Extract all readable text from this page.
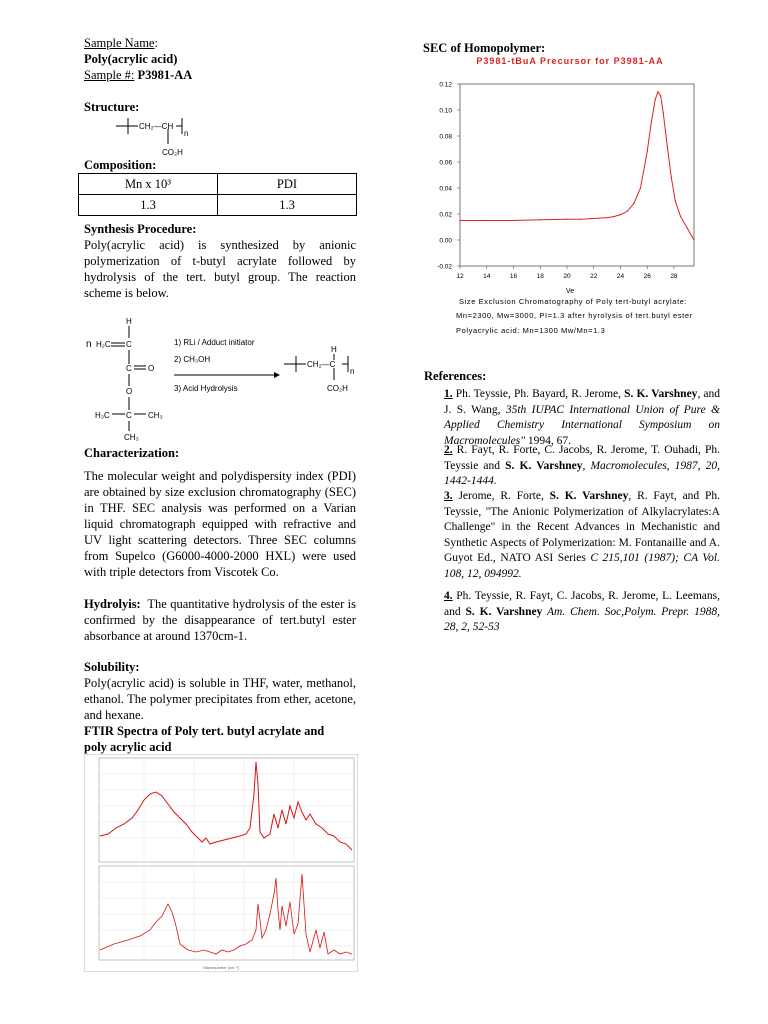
Sample Name:
Poly(acrylic acid)
Sample #: P3981-AA
Structure:
CH₂—CH
n
CO₂H
Composition:
Mn x 10³	PDI
1.3	1.3
Synthesis Procedure:
Poly(acrylic acid) is synthesized by anionic polymerization of t-butyl acrylate followed by hydrolysis of the tert. butyl group. The reaction scheme is below.
n
H
H₂C C
C O
O
H₃C C CH₃
CH₃
1) RLi / Adduct initiator
2) CH₃OH
3) Acid Hydrolysis
CH₂—C
n
H
CO₂H
Characterization:
The molecular weight and polydispersity index (PDI) are obtained by size exclusion chromatography (SEC) in THF. SEC analysis was performed on a Varian liquid chromatograph equipped with refractive and UV light scattering detectors. Three SEC columns from Supelco (G6000-4000-2000 HXL) were used with triple detectors from Viscotek Co.
Hydrolyis: The quantitative hydrolysis of the ester is confirmed by the disappearance of tert.butyl ester absorbance at around 1370cm-1.
Solubility:
Poly(acrylic acid) is soluble in THF, water, methanol, ethanol. The polymer precipitates from ether, acetone, and hexane.
FTIR Spectra of Poly tert. butyl acrylate and
poly acrylic acid
Wavenumber [cm⁻¹]
SEC of Homopolymer:
-0.02
0.00
0.02
0.04
0.06
0.08
0.10
0.12
12	14	16	18	20	22	24	26	28
P3981-tBuA Precursor for P3981-AA
Ve
Size Exclusion Chromatography of Poly tert-butyl acrylate:
Mn=2300, Mw=3000, PI=1.3 after hyrolysis of tert.butyl ester
Polyacrylic acid: Mn=1300 Mw/Mn=1.3
References:
1. Ph. Teyssie, Ph. Bayard, R. Jerome, S. K. Varshney, and J. S. Wang, 35th IUPAC International Union of Pure & Applied Chemistry International Symposium on Macromolecules" 1994, 67.
2. R. Fayt, R. Forte, C. Jacobs, R. Jerome, T. Ouhadi, Ph. Teyssie and S. K. Varshney, Macromolecules, 1987, 20, 1442-1444.
3. Jerome, R. Forte, S. K. Varshney, R. Fayt, and Ph. Teyssie, "The Anionic Polymerization of Alkylacrylates:A Challenge" in the Recent Advances in Mechanistic and Synthetic Aspects of Polymerization: M. Fontanaille and A. Guyot Ed., NATO ASI Series C 215,101 (1987); CA Vol. 108, 12, 094992.
4. Ph. Teyssie, R. Fayt, C. Jacobs, R. Jerome, L. Leemans, and S. K. Varshney Am. Chem. Soc,Polym. Prepr. 1988, 28, 2, 52-53
